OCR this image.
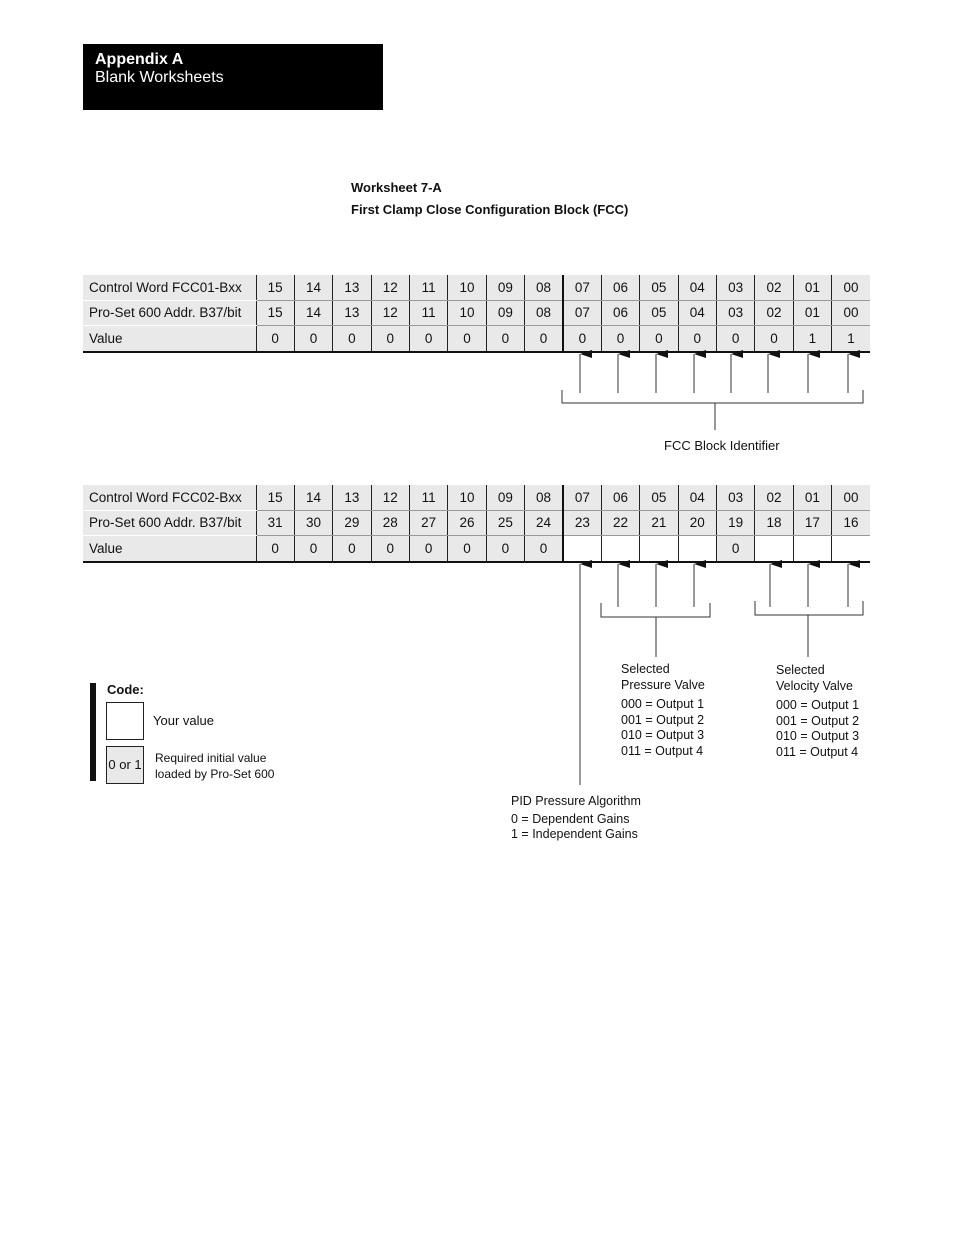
Appendix A
Blank Worksheets
Worksheet 7-A
First Clamp Close Configuration Block (FCC)
Control Word FCC01-Bxx	15	14	13	12	11	10	09	08	07	06	05	04	03	02	01	00
Pro-Set 600 Addr. B37/bit	15	14	13	12	11	10	09	08	07	06	05	04	03	02	01	00
Value	0	0	0	0	0	0	0	0	0	0	0	0	0	0	1	1
Control Word FCC02-Bxx	15	14	13	12	11	10	09	08	07	06	05	04	03	02	01	00
Pro-Set 600 Addr. B37/bit	31	30	29	28	27	26	25	24	23	22	21	20	19	18	17	16
Value	0	0	0	0	0	0	0	0					0			
FCC Block Identifier
Selected
Pressure Valve
000 = Output 1
001 = Output 2
010 = Output 3
011 = Output 4
Selected
Velocity Valve
000 = Output 1
001 = Output 2
010 = Output 3
011 = Output 4
PID Pressure Algorithm
0 = Dependent Gains
1 = Independent Gains
Code:
Your value
0 or 1 Required initial value
loaded by Pro-Set 600
